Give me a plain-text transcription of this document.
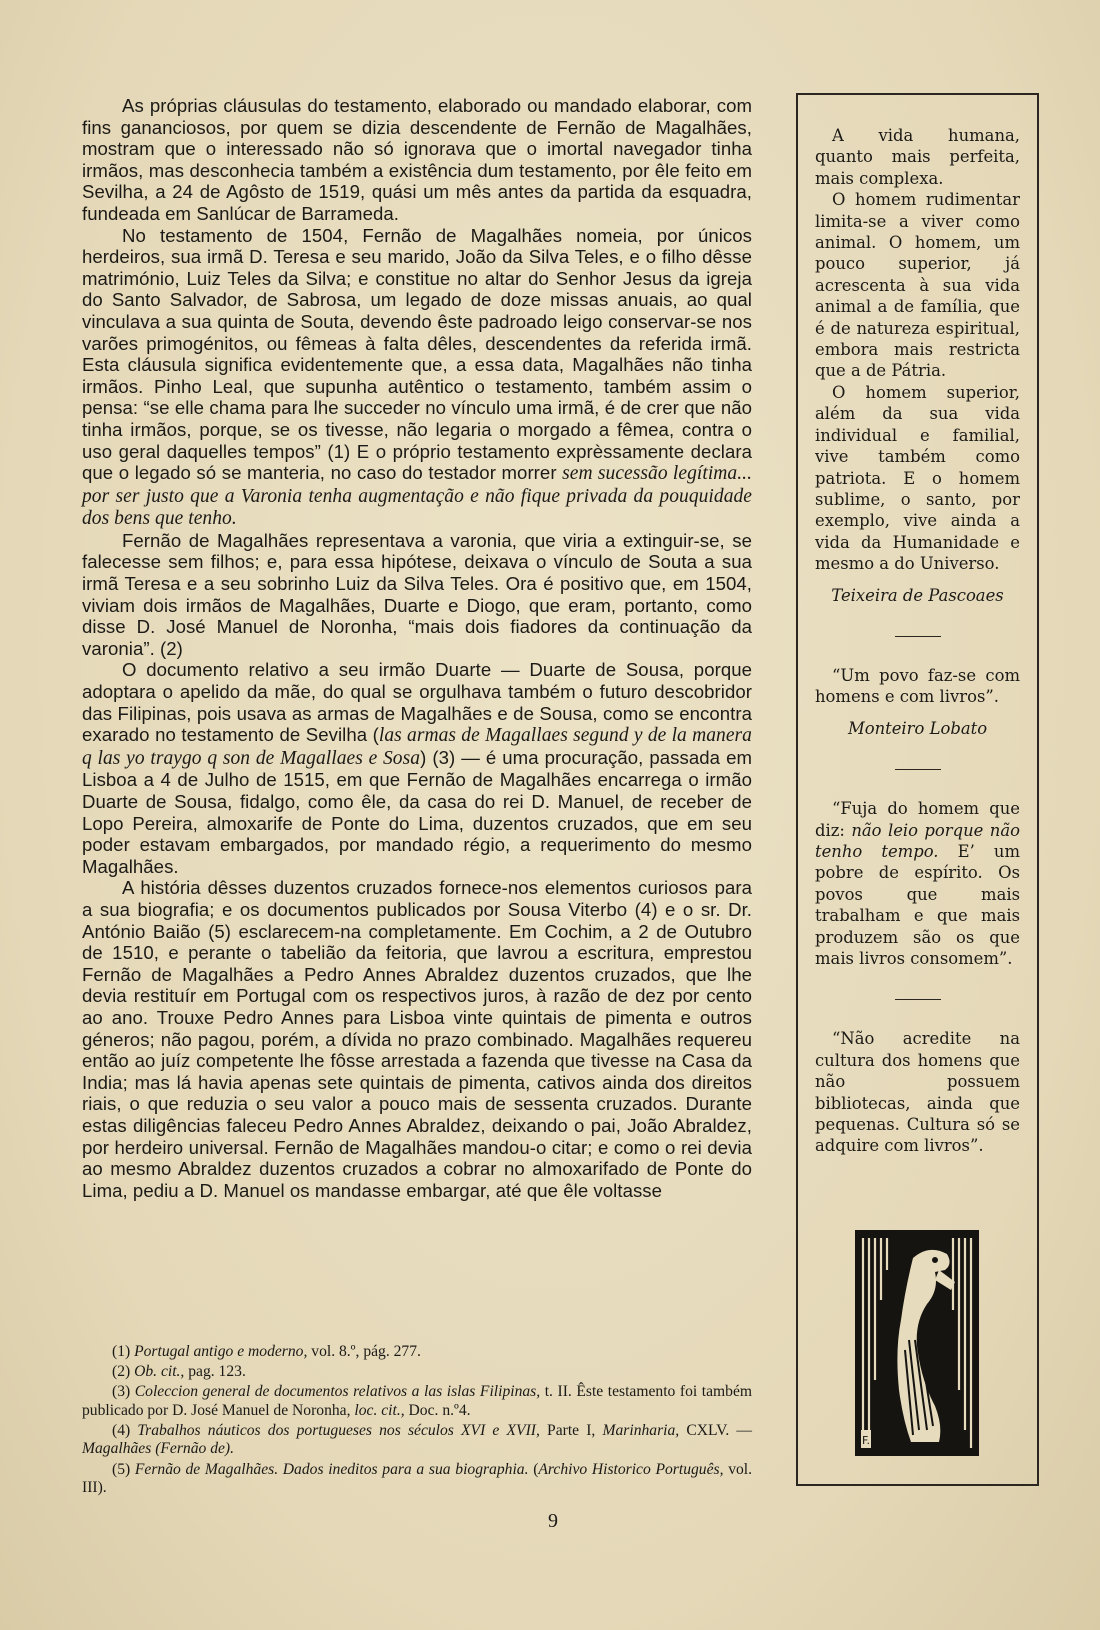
As próprias cláusulas do testamento, elaborado ou mandado elaborar, com fins gananciosos, por quem se dizia descendente de Fernão de Magalhães, mostram que o interessado não só ignorava que o imortal navegador tinha irmãos, mas desconhecia também a existência dum testamento, por êle feito em Sevilha, a 24 de Agôsto de 1519, quási um mês antes da partida da esquadra, fundeada em Sanlúcar de Barrameda.

No testamento de 1504, Fernão de Magalhães nomeia, por únicos herdeiros, sua irmã D. Teresa e seu marido, João da Silva Teles, e o filho dêsse matrimónio, Luiz Teles da Silva; e constitue no altar do Senhor Jesus da igreja do Santo Salvador, de Sabrosa, um legado de doze missas anuais, ao qual vinculava a sua quinta de Souta, devendo êste padroado leigo conservar-se nos varões primogénitos, ou fêmeas à falta dêles, descendentes da referida irmã. Esta cláusula significa evidentemente que, a essa data, Magalhães não tinha irmãos. Pinho Leal, que supunha autêntico o testamento, também assim o pensa: “se elle chama para lhe succeder no vínculo uma irmã, é de crer que não tinha irmãos, porque, se os tivesse, não legaria o morgado a fêmea, contra o uso geral daquelles tempos” (1) E o próprio testamento exprèssamente declara que o legado só se manteria, no caso do testador morrer sem sucessão legítima... por ser justo que a Varonia tenha augmentação e não fique privada da pouquidade dos bens que tenho.

Fernão de Magalhães representava a varonia, que viria a extinguir-se, se falecesse sem filhos; e, para essa hipótese, deixava o vínculo de Souta a sua irmã Teresa e a seu sobrinho Luiz da Silva Teles. Ora é positivo que, em 1504, viviam dois irmãos de Magalhães, Duarte e Diogo, que eram, portanto, como disse D. José Manuel de Noronha, “mais dois fiadores da continuação da varonia”. (2)

O documento relativo a seu irmão Duarte — Duarte de Sousa, porque adoptara o apelido da mãe, do qual se orgulhava também o futuro descobridor das Filipinas, pois usava as armas de Magalhães e de Sousa, como se encontra exarado no testamento de Sevilha (las armas de Magallaes segund y de la manera q las yo traygo q son de Magallaes e Sosa) (3) — é uma procuração, passada em Lisboa a 4 de Julho de 1515, em que Fernão de Magalhães encarrega o irmão Duarte de Sousa, fidalgo, como êle, da casa do rei D. Manuel, de receber de Lopo Pereira, almoxarife de Ponte do Lima, duzentos cruzados, que em seu poder estavam embargados, por mandado régio, a requerimento do mesmo Magalhães.

A história dêsses duzentos cruzados fornece-nos elementos curiosos para a sua biografia; e os documentos publicados por Sousa Viterbo (4) e o sr. Dr. António Baião (5) esclarecem-na completamente. Em Cochim, a 2 de Outubro de 1510, e perante o tabelião da feitoria, que lavrou a escritura, emprestou Fernão de Magalhães a Pedro Annes Abraldez duzentos cruzados, que lhe devia restituír em Portugal com os respectivos juros, à razão de dez por cento ao ano. Trouxe Pedro Annes para Lisboa vinte quintais de pimenta e outros géneros; não pagou, porém, a dívida no prazo combinado. Magalhães requereu então ao juíz competente lhe fôsse arrestada a fazenda que tivesse na Casa da India; mas lá havia apenas sete quintais de pimenta, cativos ainda dos direitos riais, o que reduzia o seu valor a pouco mais de sessenta cruzados. Durante estas diligências faleceu Pedro Annes Abraldez, deixando o pai, João Abraldez, por herdeiro universal. Fernão de Magalhães mandou-o citar; e como o rei devia ao mesmo Abraldez duzentos cruzados a cobrar no almoxarifado de Ponte do Lima, pediu a D. Manuel os mandasse embargar, até que êle voltasse

(1) Portugal antigo e moderno, vol. 8.º, pág. 277.

(2) Ob. cit., pag. 123.

(3) Coleccion general de documentos relativos a las islas Filipinas, t. II. Êste testamento foi também publicado por D. José Manuel de Noronha, loc. cit., Doc. n.º4.

(4) Trabalhos náuticos dos portugueses nos séculos XVI e XVII, Parte I, Marinharia, CXLV. — Magalhães (Fernão de).

(5) Fernão de Magalhães. Dados ineditos para a sua biographia. (Archivo Historico Português, vol. III).

9

A vida humana, quanto mais perfeita, mais complexa.

O homem rudimentar limita-se a viver como animal. O homem, um pouco superior, já acrescenta à sua vida animal a de família, que é de natureza espiritual, embora mais restricta que a de Pátria.

O homem superior, além da sua vida individual e familial, vive também como patriota. E o homem sublime, o santo, por exemplo, vive ainda a vida da Humanidade e mesmo a do Universo.

Teixeira de Pascoaes

“Um povo faz-se com homens e com livros”.

Monteiro Lobato

“Fuja do homem que diz: não leio porque não tenho tempo. E’ um pobre de espírito. Os povos que mais trabalham e que mais produzem são os que mais livros consomem”.

“Não acredite na cultura dos homens que não possuem bibliotecas, ainda que pequenas. Cultura só se adquire com livros”.

F.
